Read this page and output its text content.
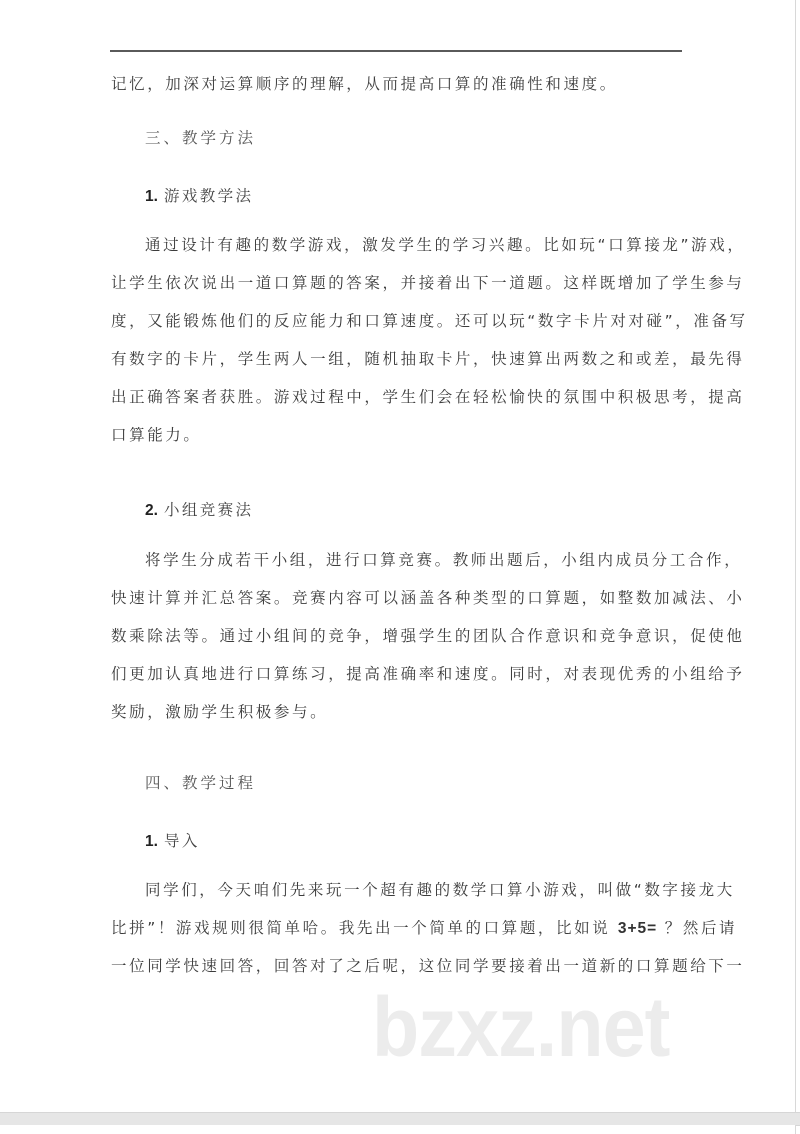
记忆，加深对运算顺序的理解，从而提高口算的准确性和速度。
三、教学方法
1. 游戏教学法
通过设计有趣的数学游戏，激发学生的学习兴趣。比如玩“口算接龙”游戏，
让学生依次说出一道口算题的答案，并接着出下一道题。这样既增加了学生参与
度，又能锻炼他们的反应能力和口算速度。还可以玩“数字卡片对对碰”，准备写
有数字的卡片，学生两人一组，随机抽取卡片，快速算出两数之和或差，最先得
出正确答案者获胜。游戏过程中，学生们会在轻松愉快的氛围中积极思考，提高
口算能力。
2. 小组竞赛法
将学生分成若干小组，进行口算竞赛。教师出题后，小组内成员分工合作，
快速计算并汇总答案。竞赛内容可以涵盖各种类型的口算题，如整数加减法、小
数乘除法等。通过小组间的竞争，增强学生的团队合作意识和竞争意识，促使他
们更加认真地进行口算练习，提高准确率和速度。同时，对表现优秀的小组给予
奖励，激励学生积极参与。
四、教学过程
1. 导入
同学们，今天咱们先来玩一个超有趣的数学口算小游戏，叫做“数字接龙大
比拼”！游戏规则很简单哈。我先出一个简单的口算题，比如说 3+5= ？然后请
一位同学快速回答，回答对了之后呢，这位同学要接着出一道新的口算题给下一
bzxz.net
